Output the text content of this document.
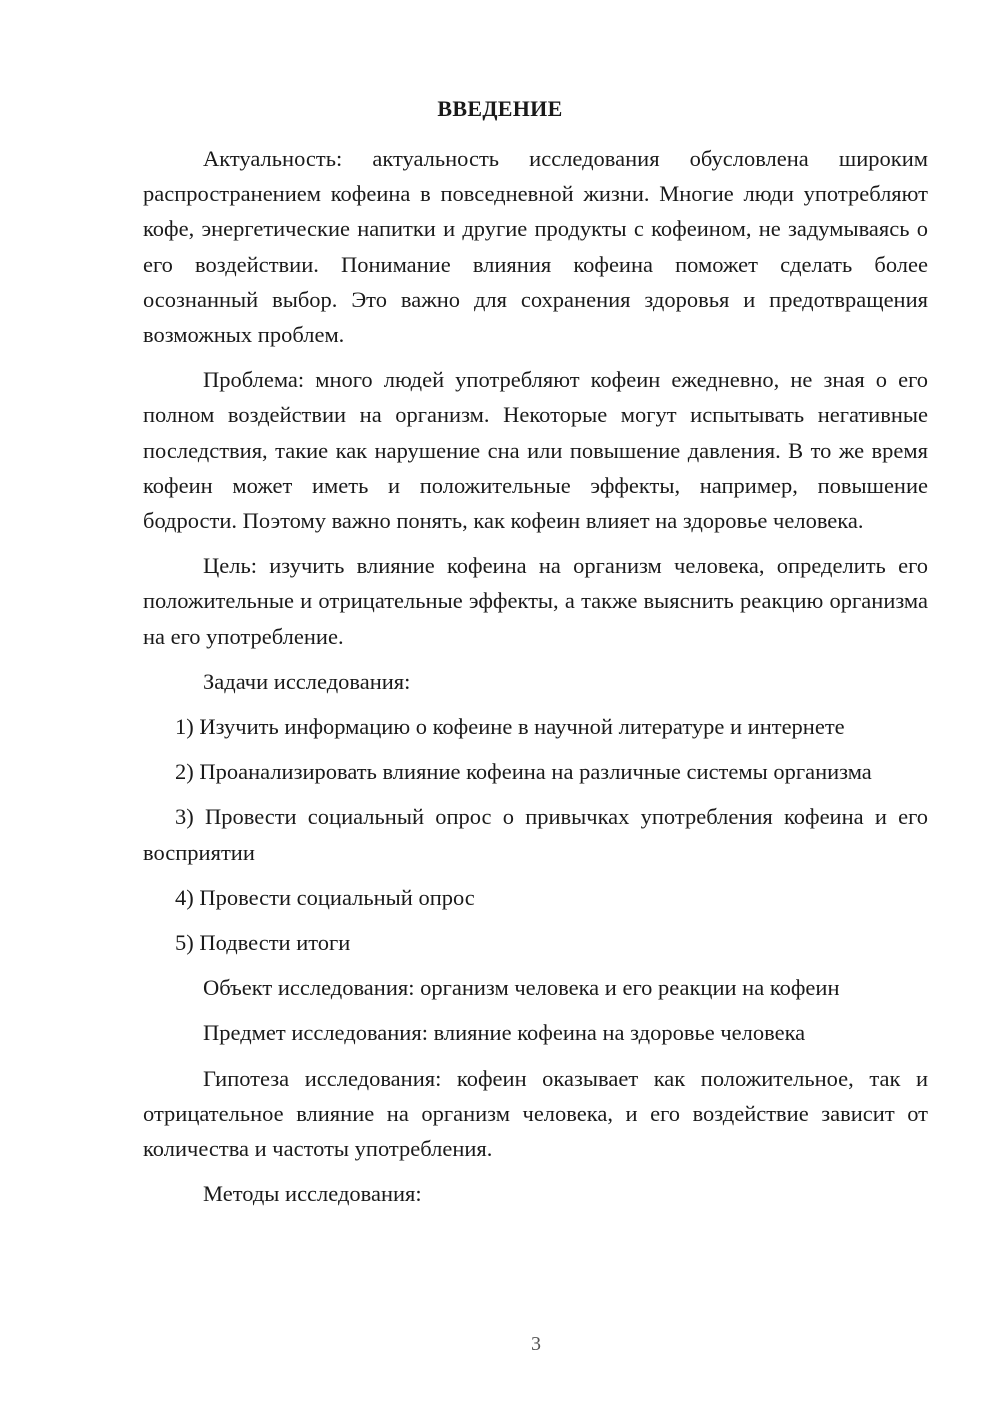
ВВЕДЕНИЕ

Актуальность: актуальность исследования обусловлена широким распространением кофеина в повседневной жизни. Многие люди употребляют кофе, энергетические напитки и другие продукты с кофеином, не задумываясь о его воздействии. Понимание влияния кофеина поможет сделать более осознанный выбор. Это важно для сохранения здоровья и предотвращения возможных проблем.

Проблема: много людей употребляют кофеин ежедневно, не зная о его полном воздействии на организм. Некоторые могут испытывать негативные последствия, такие как нарушение сна или повышение давления. В то же время кофеин может иметь и положительные эффекты, например, повышение бодрости. Поэтому важно понять, как кофеин влияет на здоровье человека.

Цель: изучить влияние кофеина на организм человека, определить его положительные и отрицательные эффекты, а также выяснить реакцию организма на его употребление.

Задачи исследования:

1) Изучить информацию о кофеине в научной литературе и интернете

2) Проанализировать влияние кофеина на различные системы организма

3) Провести социальный опрос о привычках употребления кофеина и его восприятии

4) Провести социальный опрос

5) Подвести итоги

Объект исследования: организм человека и его реакции на кофеин

Предмет исследования: влияние кофеина на здоровье человека

Гипотеза исследования: кофеин оказывает как положительное, так и отрицательное влияние на организм человека, и его воздействие зависит от количества и частоты употребления.

Методы исследования:

3
